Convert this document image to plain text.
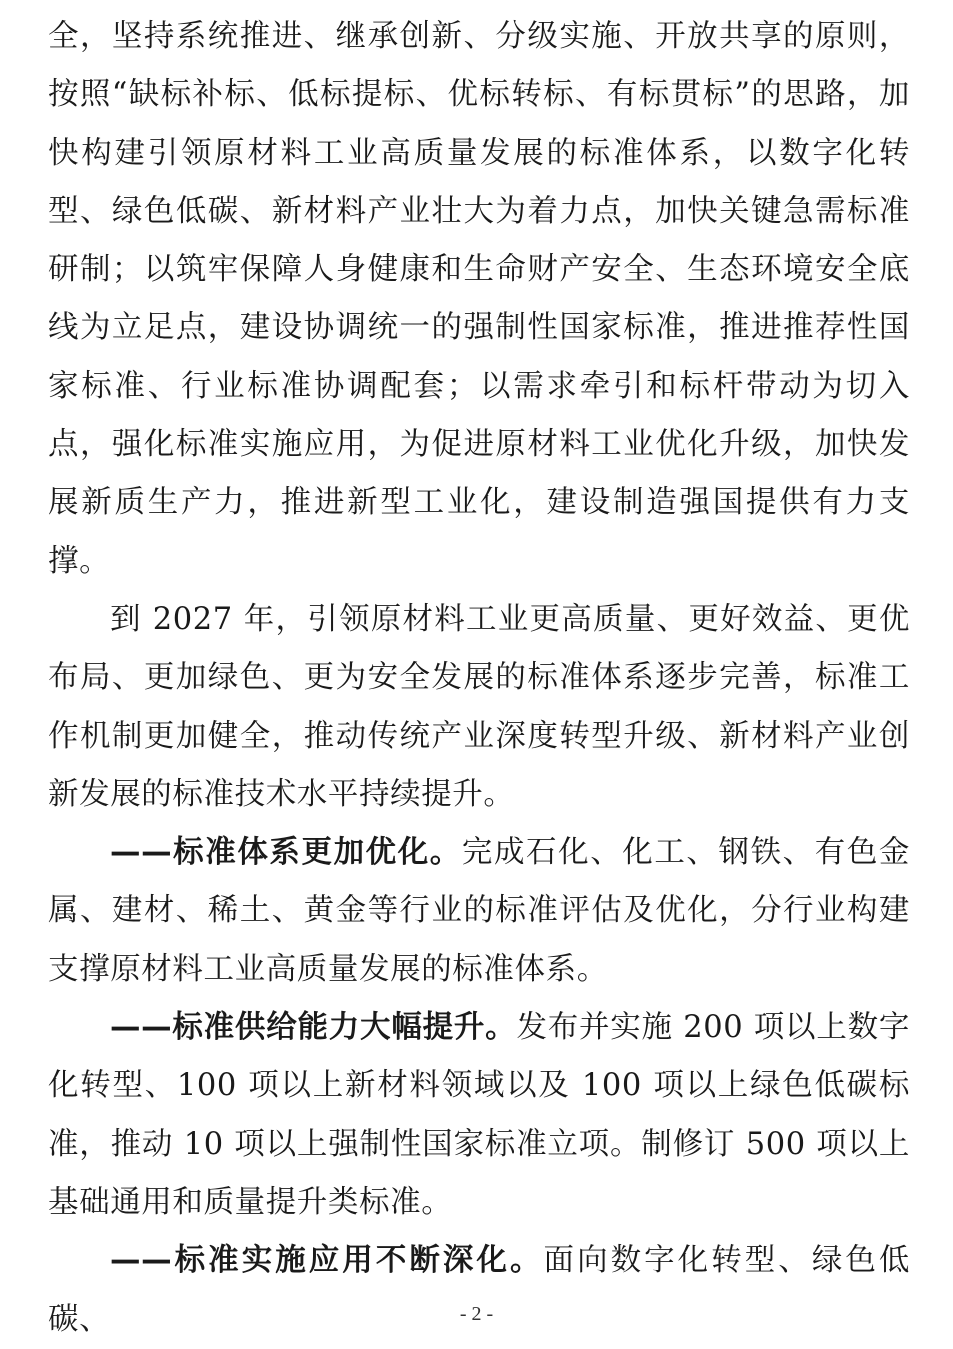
全，坚持系统推进、继承创新、分级实施、开放共享的原则，按照“缺标补标、低标提标、优标转标、有标贯标”的思路，加快构建引领原材料工业高质量发展的标准体系，以数字化转型、绿色低碳、新材料产业壮大为着力点，加快关键急需标准研制；以筑牢保障人身健康和生命财产安全、生态环境安全底线为立足点，建设协调统一的强制性国家标准，推进推荐性国家标准、行业标准协调配套；以需求牵引和标杆带动为切入点，强化标准实施应用，为促进原材料工业优化升级，加快发展新质生产力，推进新型工业化，建设制造强国提供有力支撑。

到 2027 年，引领原材料工业更高质量、更好效益、更优布局、更加绿色、更为安全发展的标准体系逐步完善，标准工作机制更加健全，推动传统产业深度转型升级、新材料产业创新发展的标准技术水平持续提升。

——标准体系更加优化。完成石化、化工、钢铁、有色金属、建材、稀土、黄金等行业的标准评估及优化，分行业构建支撑原材料工业高质量发展的标准体系。

——标准供给能力大幅提升。发布并实施 200 项以上数字化转型、100 项以上新材料领域以及 100 项以上绿色低碳标准，推动 10 项以上强制性国家标准立项。制修订 500 项以上基础通用和质量提升类标准。

——标准实施应用不断深化。面向数字化转型、绿色低碳、	- 2 -
